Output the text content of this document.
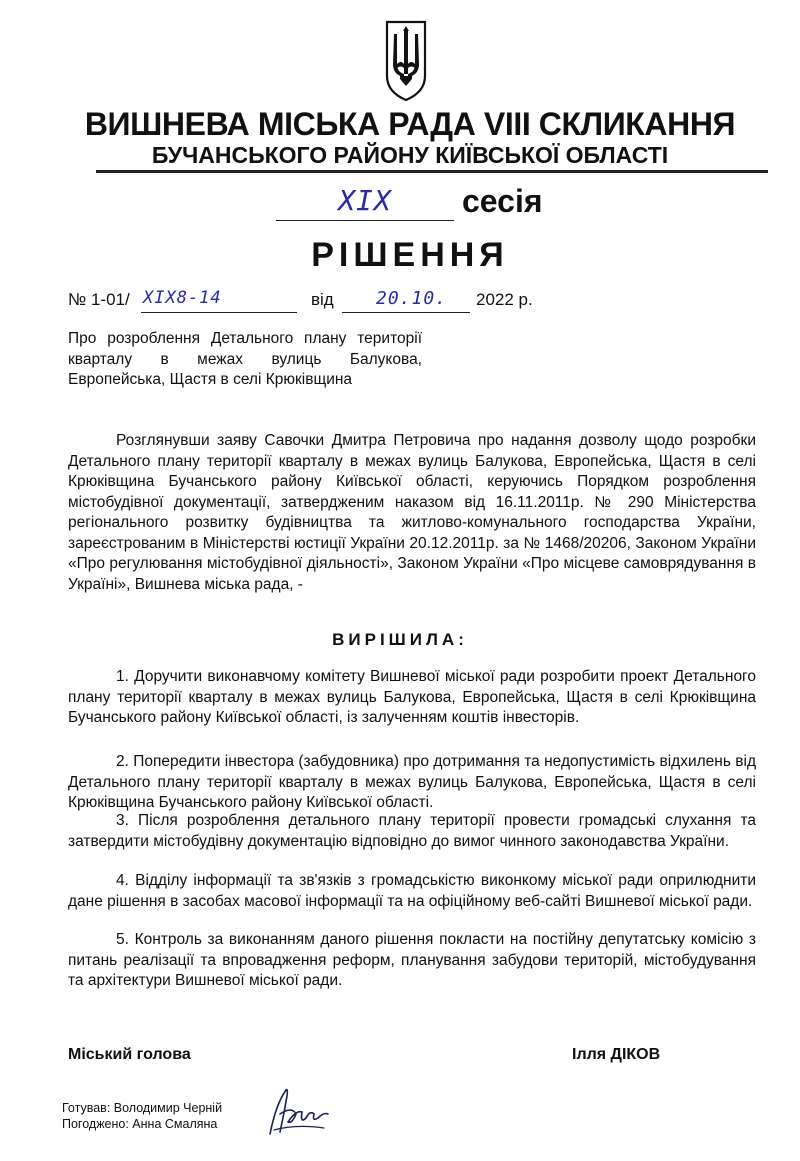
ВИШНЕВА МІСЬКА РАДА VIII СКЛИКАННЯ
БУЧАНСЬКОГО РАЙОНУ КИЇВСЬКОЇ ОБЛАСТІ
XIX	сесія
РІШЕННЯ
№ 1-01/ XIX8-14	від 20.10. 2022 р.

Про розроблення Детального плану території кварталу в межах вулиць Балукова, Европейська, Щастя в селі Крюківщина

Розглянувши заяву Савочки Дмитра Петровича про надання дозволу щодо розробки Детального плану території кварталу в межах вулиць Балукова, Европейська, Щастя в селі Крюківщина Бучанського району Київської області, керуючись Порядком розроблення містобудівної документації, затвердженим наказом від 16.11.2011р. № 290 Міністерства регіонального розвитку будівництва та житлово-комунального господарства України, зареєстрованим в Міністерстві юстиції України 20.12.2011р. за № 1468/20206, Законом України «Про регулювання містобудівної діяльності», Законом України «Про місцеве самоврядування в Україні», Вишнева міська рада, -

ВИРІШИЛА:

1. Доручити виконавчому комітету Вишневої міської ради розробити проект Детального плану території кварталу в межах вулиць Балукова, Европейська, Щастя в селі Крюківщина Бучанського району Київської області, із залученням коштів інвесторів.

2. Попередити інвестора (забудовника) про дотримання та недопустимість відхилень від Детального плану території кварталу в межах вулиць Балукова, Европейська, Щастя в селі Крюківщина Бучанського району Київської області.

3. Після розроблення детального плану території провести громадські слухання та затвердити містобудівну документацію відповідно до вимог чинного законодавства України.

4. Відділу інформації та зв'язків з громадськістю виконкому міської ради оприлюднити дане рішення в засобах масової інформації та на офіційному веб-сайті Вишневої міської ради.

5. Контроль за виконанням даного рішення покласти на постійну депутатську комісію з питань реалізації та впровадження реформ, планування забудови територій, містобудування та архітектури Вишневої міської ради.

Міський голова	Ілля ДІКОВ
Готував: Володимир Черній
Погоджено: Анна Смаляна
